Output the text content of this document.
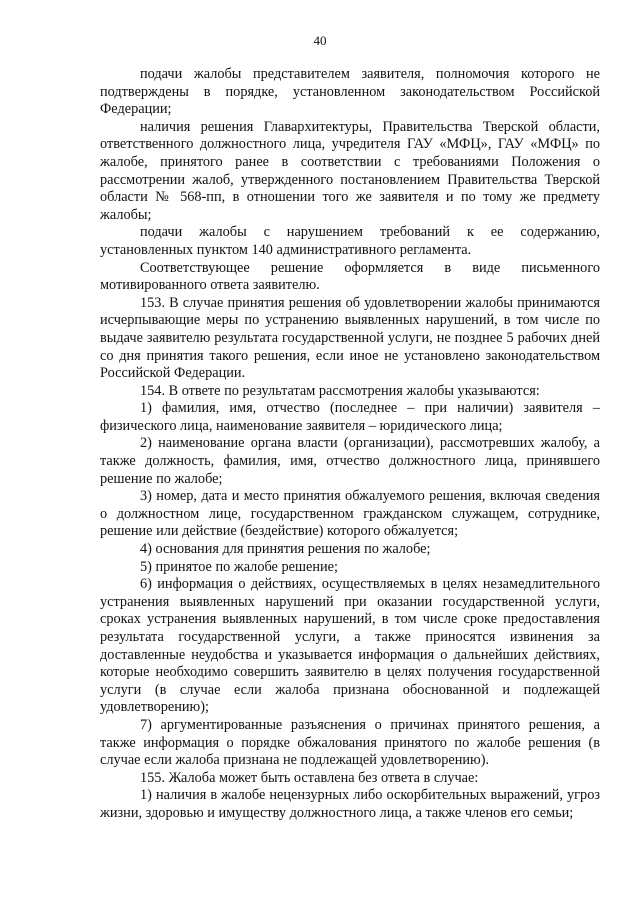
40

подачи жалобы представителем заявителя, полномочия которого не подтверждены в порядке, установленном законодательством Российской Федерации;

наличия решения Главархитектуры, Правительства Тверской области, ответственного должностного лица, учредителя ГАУ «МФЦ», ГАУ «МФЦ» по жалобе, принятого ранее в соответствии с требованиями Положения о рассмотрении жалоб, утвержденного постановлением Правительства Тверской области № 568-пп, в отношении того же заявителя и по тому же предмету жалобы;

подачи жалобы с нарушением требований к ее содержанию, установленных пунктом 140 административного регламента.

Соответствующее решение оформляется в виде письменного мотивированного ответа заявителю.

153. В случае принятия решения об удовлетворении жалобы принимаются исчерпывающие меры по устранению выявленных нарушений, в том числе по выдаче заявителю результата государственной услуги, не позднее 5 рабочих дней со дня принятия такого решения, если иное не установлено законодательством Российской Федерации.

154. В ответе по результатам рассмотрения жалобы указываются:

1) фамилия, имя, отчество (последнее – при наличии) заявителя – физического лица, наименование заявителя – юридического лица;

2) наименование органа власти (организации), рассмотревших жалобу, а также должность, фамилия, имя, отчество должностного лица, принявшего решение по жалобе;

3) номер, дата и место принятия обжалуемого решения, включая сведения о должностном лице, государственном гражданском служащем, сотруднике, решение или действие (бездействие) которого обжалуется;

4) основания для принятия решения по жалобе;

5) принятое по жалобе решение;

6) информация о действиях, осуществляемых в целях незамедлительного устранения выявленных нарушений при оказании государственной услуги, сроках устранения выявленных нарушений, в том числе сроке предоставления результата государственной услуги, а также приносятся извинения за доставленные неудобства и указывается информация о дальнейших действиях, которые необходимо совершить заявителю в целях получения государственной услуги (в случае если жалоба признана обоснованной и подлежащей удовлетворению);

7) аргументированные разъяснения о причинах принятого решения, а также информация о порядке обжалования принятого по жалобе решения (в случае если жалоба признана не подлежащей удовлетворению).

155. Жалоба может быть оставлена без ответа в случае:

1) наличия в жалобе нецензурных либо оскорбительных выражений, угроз жизни, здоровью и имуществу должностного лица, а также членов его семьи;
